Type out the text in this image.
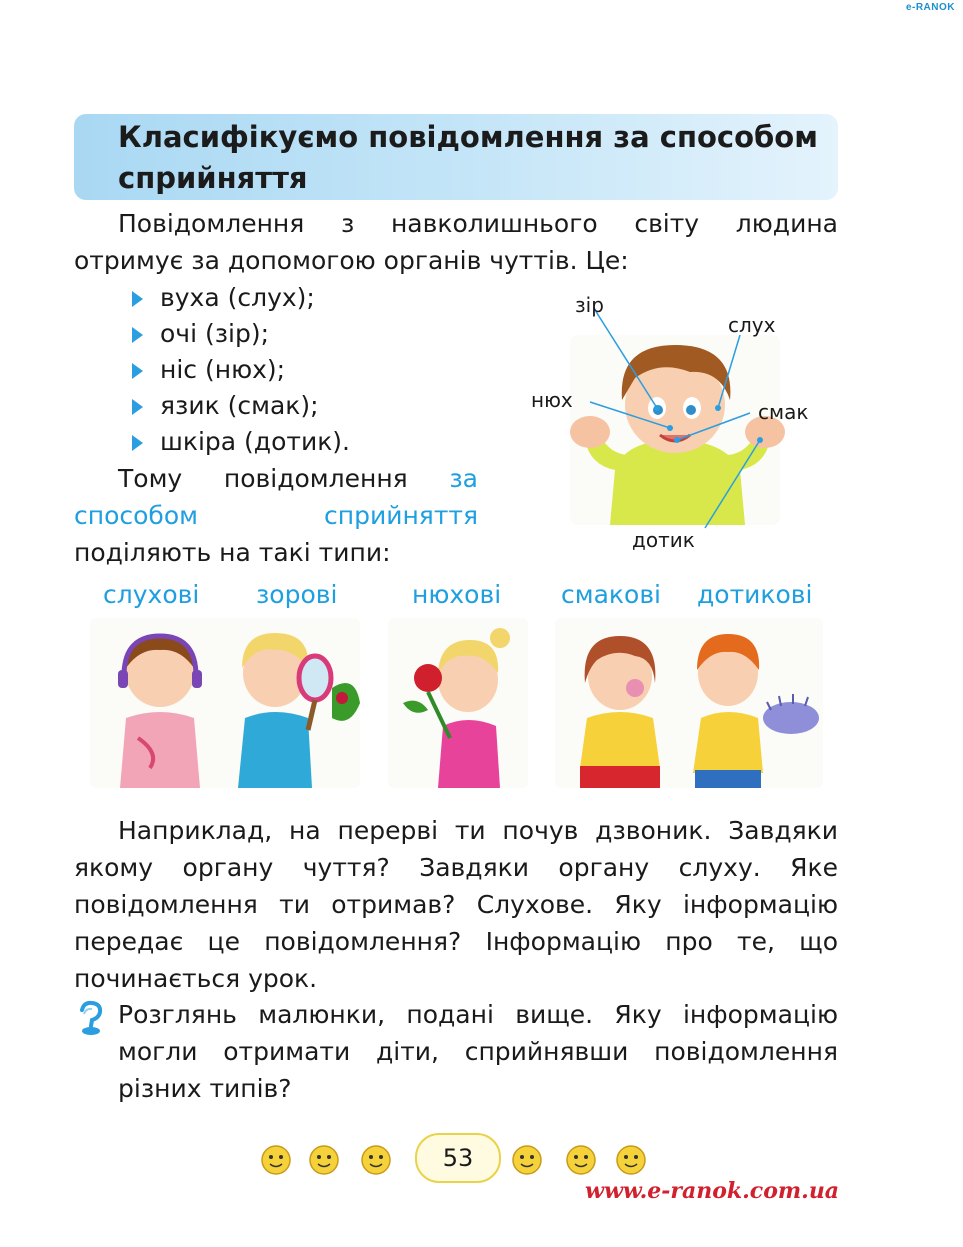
e-RANOK
Класифікуємо повідомлення за способом сприйняття
Повідомлення з навколишнього світу людина отримує за допомогою органів чуттів. Це:
вуха (слух);
очі (зір);
ніс (нюх);
язик (смак);
шкіра (дотик).
Тому повідомлення за способом сприйняття поділяють на такі типи:
зір
слух
нюх	смак
дотик
слухові зорові	нюхові смакові дотикові
Наприклад, на перерві ти почув дзвоник. Завдяки якому органу чуття? Завдяки органу слуху. Яке повідомлення ти отримав? Слухове. Яку інформацію передає це повідомлення? Інформацію про те, що починається урок.
Розглянь малюнки, подані вище. Яку інформацію могли отримати діти, сприйнявши повідомлення різних типів?
53
www.e-ranok.com.ua
